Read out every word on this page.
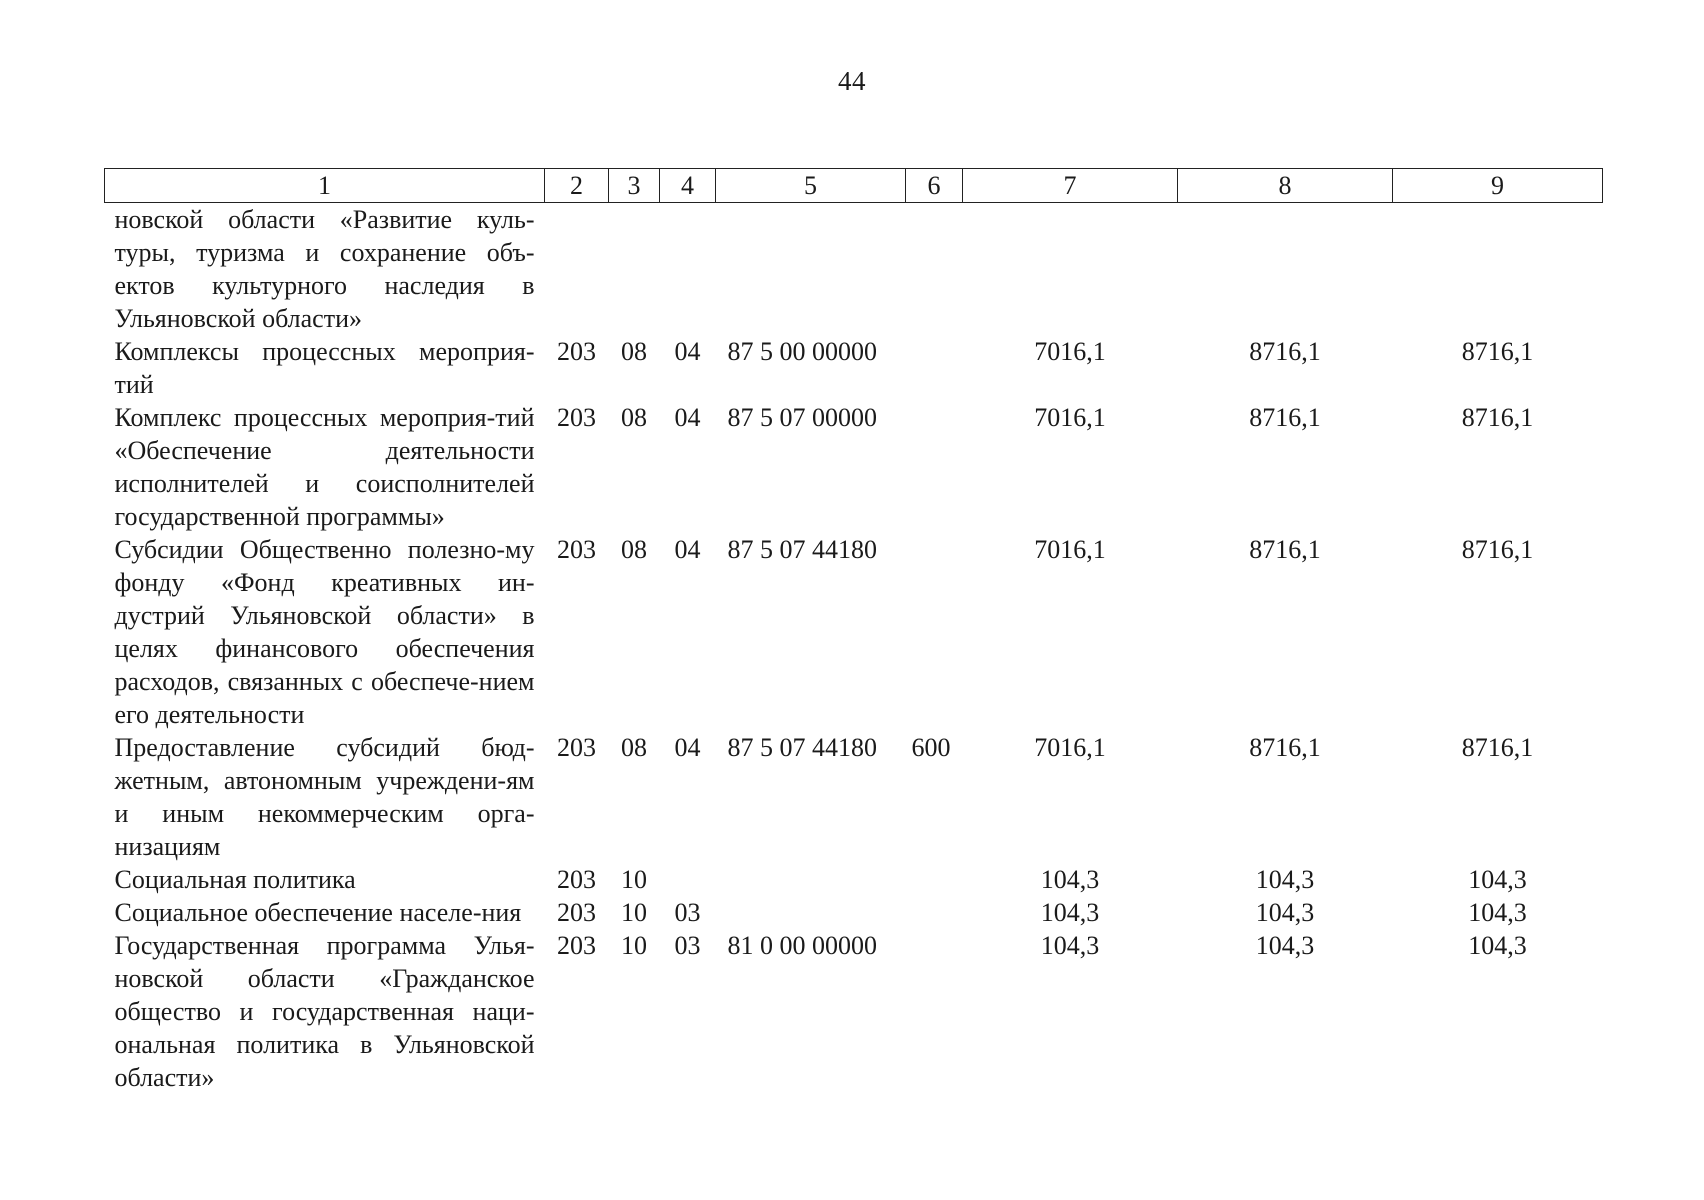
44
1	2	3	4	5	6	7	8	9
новской области «Развитие куль-туры, туризма и сохранение объ-ектов культурного наследия в Ульяновской области»								
Комплексы процессных мероприя-тий	203	08	04	87 5 00 00000		7016,1	8716,1	8716,1
Комплекс процессных мероприя-тий «Обеспечение деятельности исполнителей и соисполнителей государственной программы»	203	08	04	87 5 07 00000		7016,1	8716,1	8716,1
Субсидии Общественно полезно-му фонду «Фонд креативных ин-дустрий Ульяновской области» в целях финансового обеспечения расходов, связанных с обеспече-нием его деятельности	203	08	04	87 5 07 44180		7016,1	8716,1	8716,1
Предоставление субсидий бюд-жетным, автономным учреждени-ям и иным некоммерческим орга-низациям	203	08	04	87 5 07 44180	600	7016,1	8716,1	8716,1
Социальная политика	203	10				104,3	104,3	104,3
Социальное обеспечение населе-ния	203	10	03			104,3	104,3	104,3
Государственная программа Улья-новской области «Гражданское общество и государственная наци-ональная политика в Ульяновской области»	203	10	03	81 0 00 00000		104,3	104,3	104,3
